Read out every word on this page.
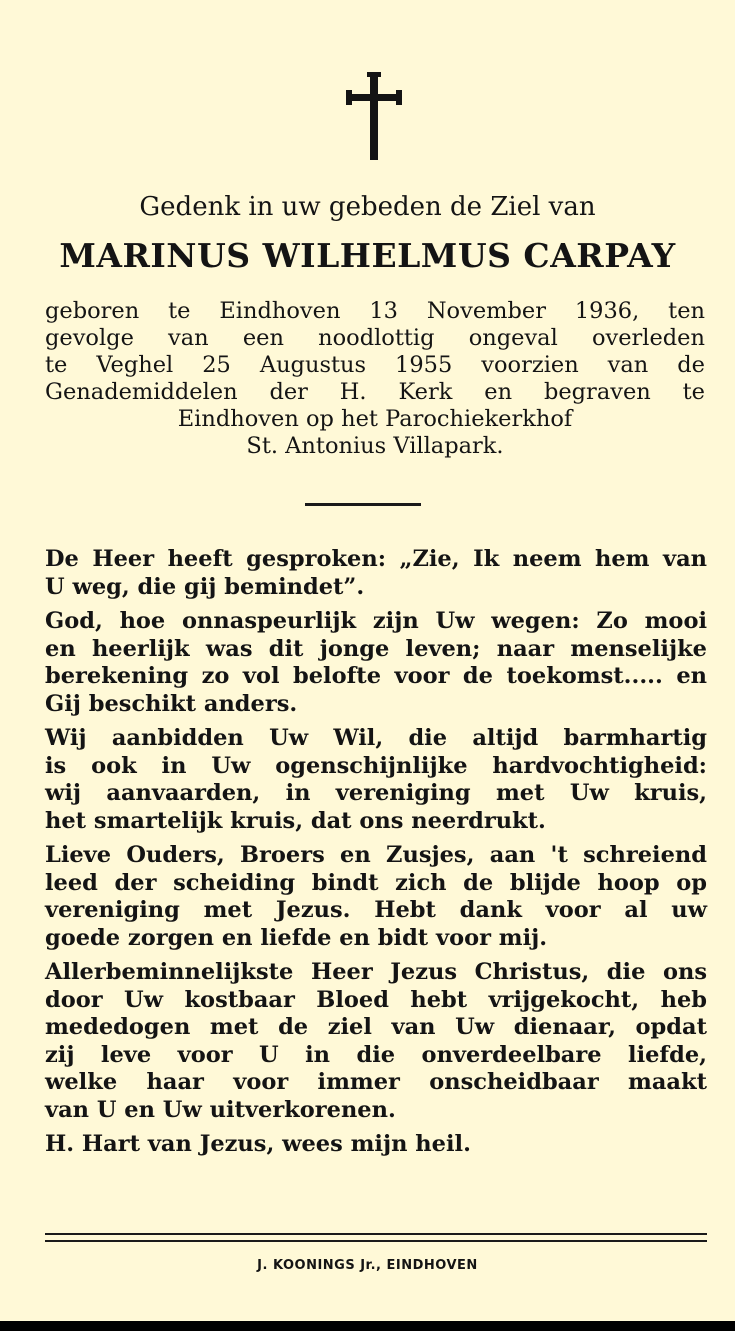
Gedenk in uw gebeden de Ziel van
MARINUS WILHELMUS CARPAY
geboren te Eindhoven 13 November 1936, ten
gevolge van een noodlottig ongeval overleden
te Veghel 25 Augustus 1955 voorzien van de
Genademiddelen der H. Kerk en begraven te
Eindhoven op het Parochiekerkhof
St. Antonius Villapark.

De Heer heeft gesproken: „Zie, Ik neem hem van
U weg, die gij bemindet”.

God, hoe onnaspeurlijk zijn Uw wegen: Zo mooi
en heerlijk was dit jonge leven; naar menselijke
berekening zo vol belofte voor de toekomst..... en
Gij beschikt anders.

Wij aanbidden Uw Wil, die altijd barmhartig
is ook in Uw ogenschijnlijke hardvochtigheid:
wij aanvaarden, in vereniging met Uw kruis,
het smartelijk kruis, dat ons neerdrukt.

Lieve Ouders, Broers en Zusjes, aan 't schreiend
leed der scheiding bindt zich de blijde hoop op
vereniging met Jezus. Hebt dank voor al uw
goede zorgen en liefde en bidt voor mij.

Allerbeminnelijkste Heer Jezus Christus, die ons
door Uw kostbaar Bloed hebt vrijgekocht, heb
mededogen met de ziel van Uw dienaar, opdat
zij leve voor U in die onverdeelbare liefde,
welke haar voor immer onscheidbaar maakt
van U en Uw uitverkorenen.

H. Hart van Jezus, wees mijn heil.

J. KOONINGS Jr., EINDHOVEN
